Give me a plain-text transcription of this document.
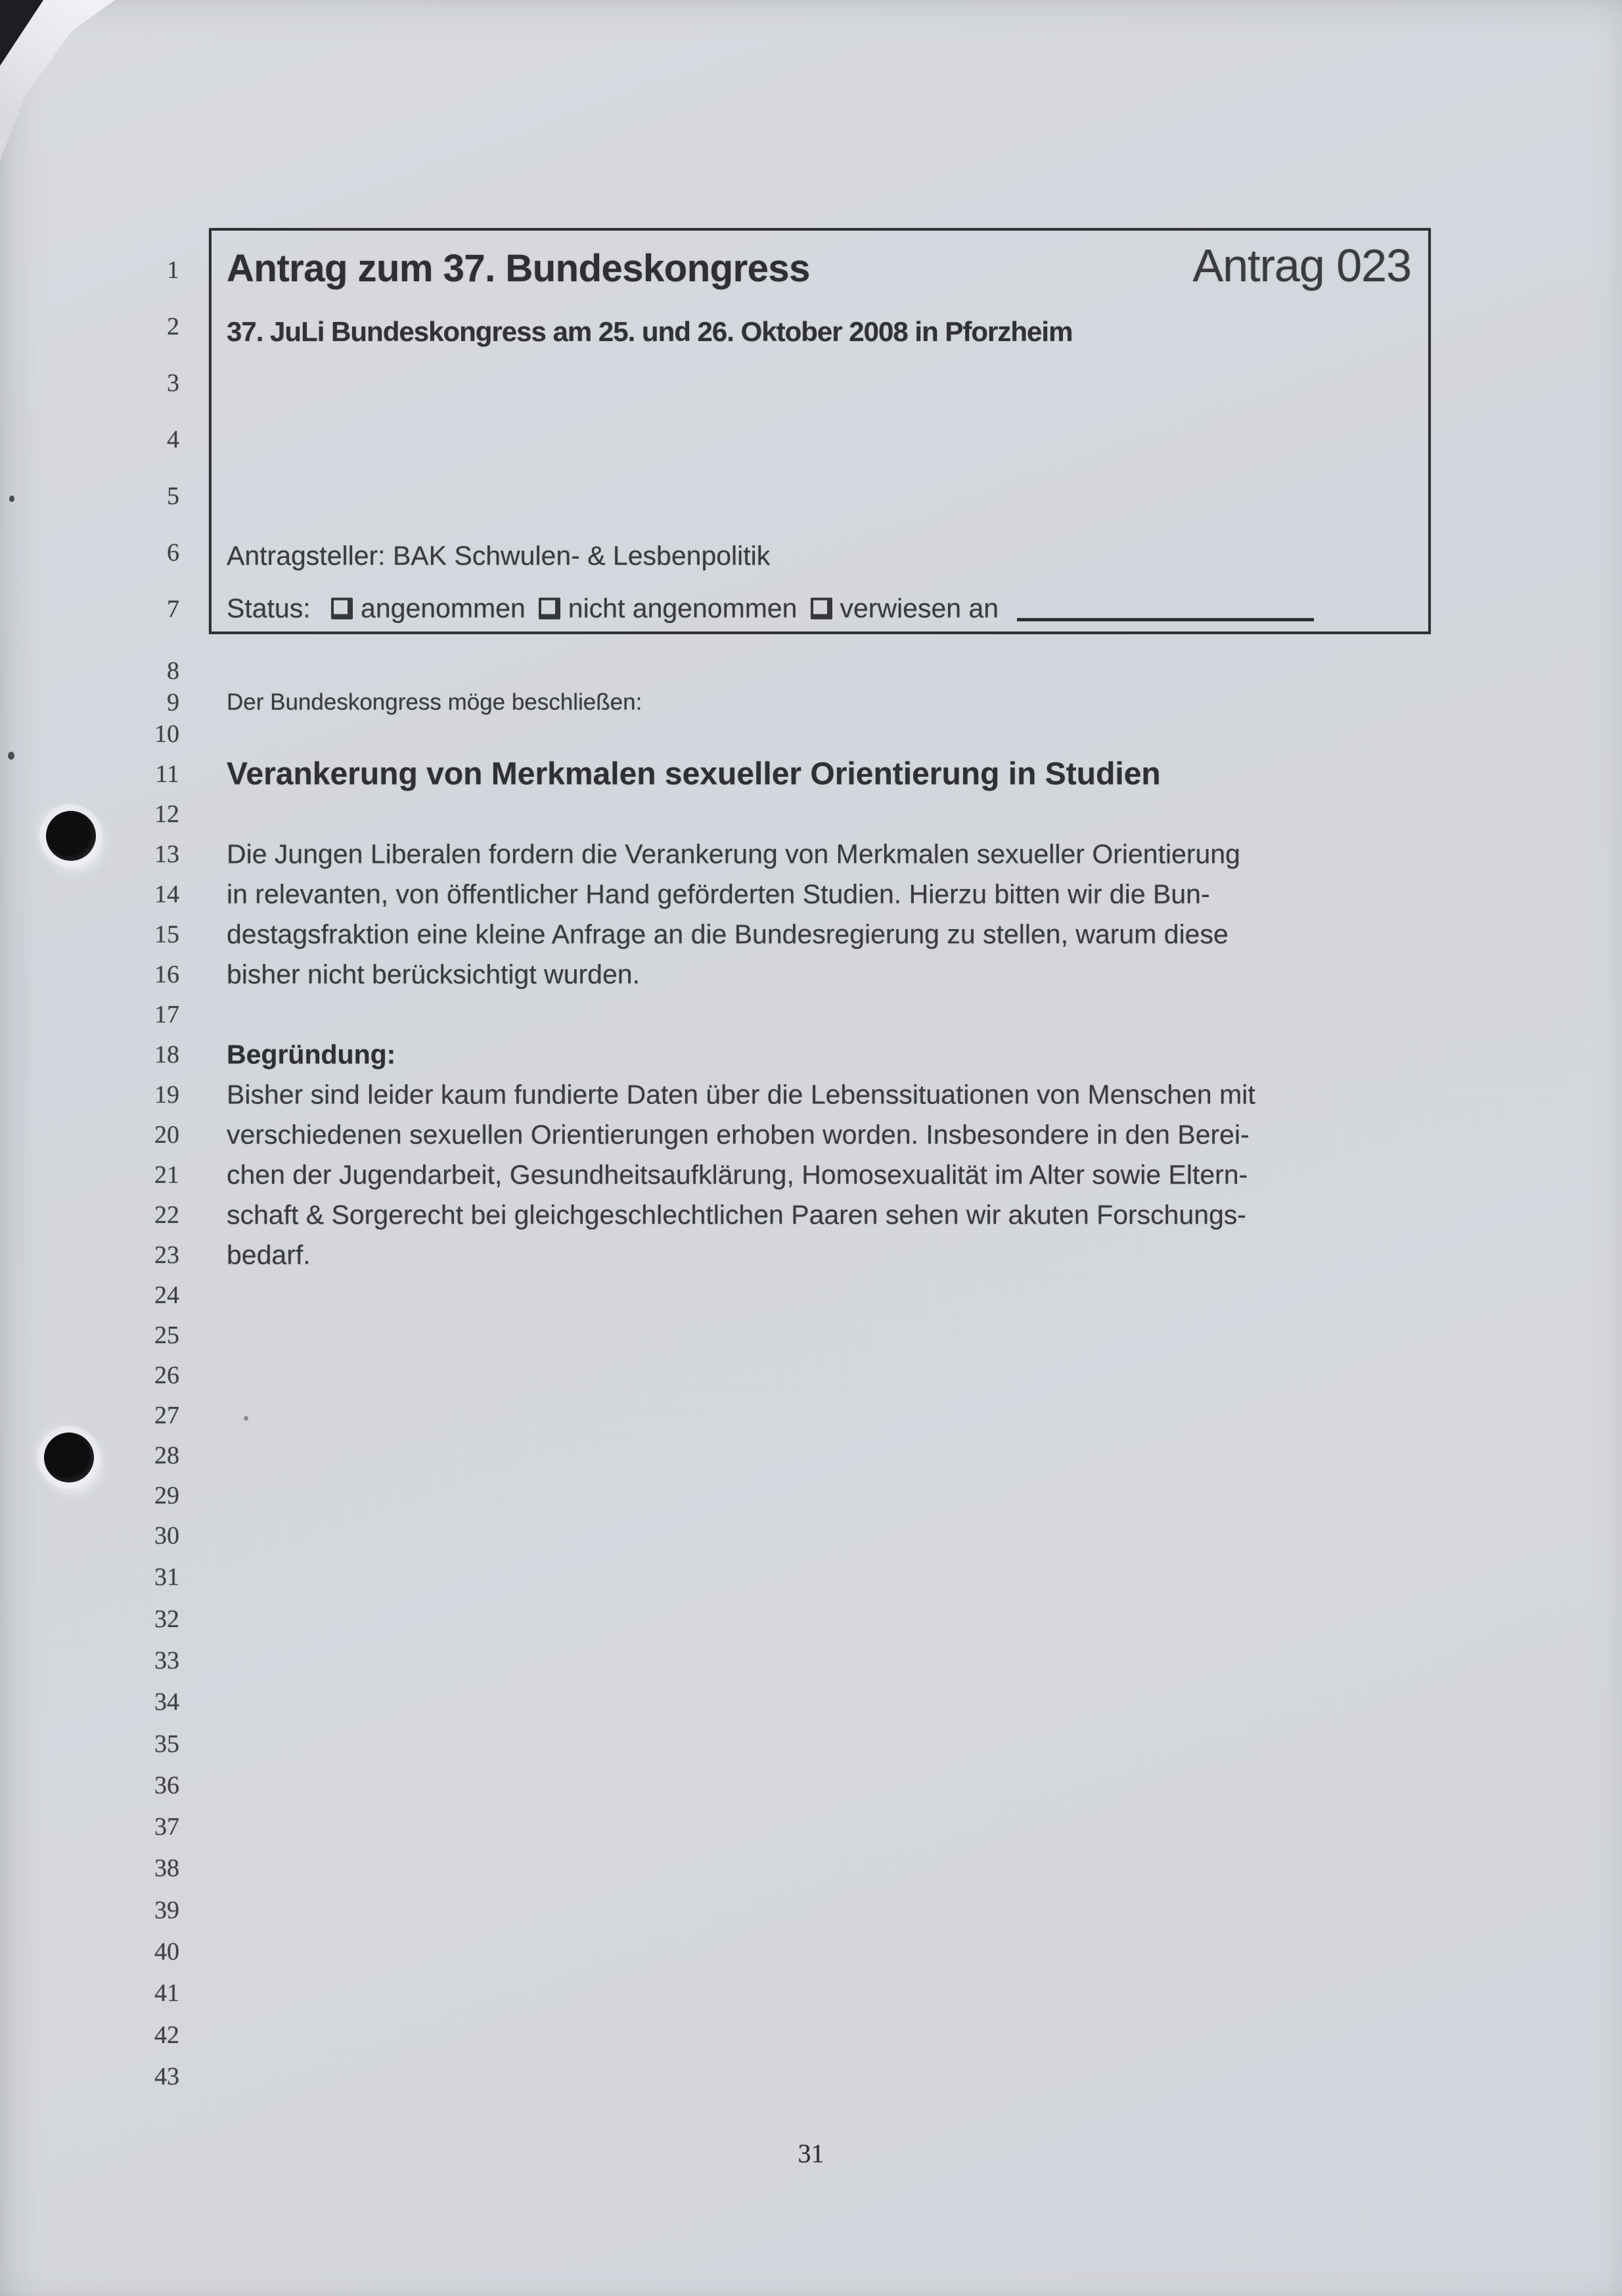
1
2
3
4
5
6
7
8
9
10
11
12
13
14
15
16
17
18
19
20
21
22
23
24
25
26
27
28
29
30
31
32
33
34
35
36
37
38
39
40
41
42
43
Antrag zum 37. Bundeskongress	Antrag 023
37. JuLi Bundeskongress am 25. und 26. Oktober 2008 in Pforzheim
Antragsteller: BAK Schwulen- & Lesbenpolitik
Status: angenommen nicht angenommen verwiesen an
Der Bundeskongress möge beschließen:
Verankerung von Merkmalen sexueller Orientierung in Studien
Die Jungen Liberalen fordern die Verankerung von Merkmalen sexueller Orientierung
in relevanten, von öffentlicher Hand geförderten Studien. Hierzu bitten wir die Bun-
destagsfraktion eine kleine Anfrage an die Bundesregierung zu stellen, warum diese
bisher nicht berücksichtigt wurden.
Begründung:
Bisher sind leider kaum fundierte Daten über die Lebenssituationen von Menschen mit
verschiedenen sexuellen Orientierungen erhoben worden. Insbesondere in den Berei-
chen der Jugendarbeit, Gesundheitsaufklärung, Homosexualität im Alter sowie Eltern-
schaft & Sorgerecht bei gleichgeschlechtlichen Paaren sehen wir akuten Forschungs-
bedarf.
31
